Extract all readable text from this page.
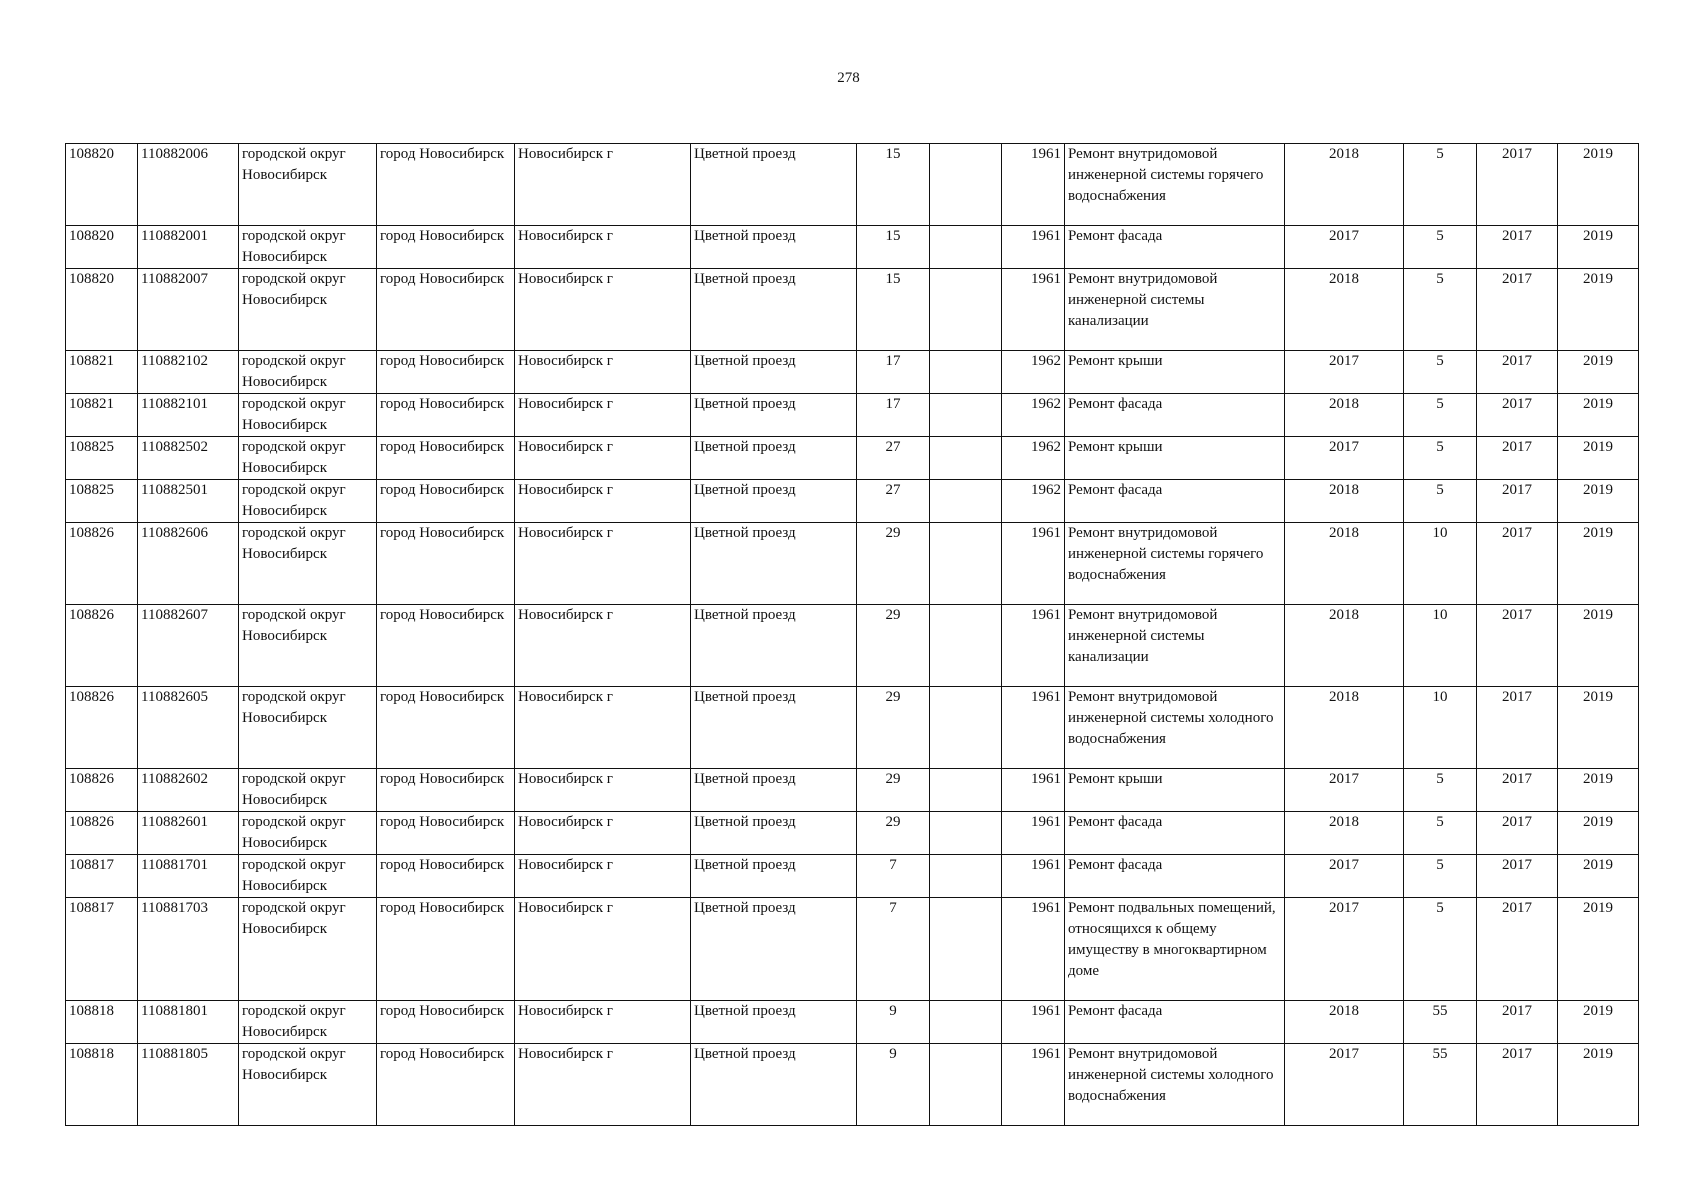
278
108820	110882006	городской округ Новосибирск	город Новосибирск	Новосибирск г	Цветной проезд	15		1961	Ремонт внутридомовой инженерной системы горячего водоснабжения	2018	5	2017	2019
108820	110882001	городской округ Новосибирск	город Новосибирск	Новосибирск г	Цветной проезд	15		1961	Ремонт фасада	2017	5	2017	2019
108820	110882007	городской округ Новосибирск	город Новосибирск	Новосибирск г	Цветной проезд	15		1961	Ремонт внутридомовой инженерной системы канализации	2018	5	2017	2019
108821	110882102	городской округ Новосибирск	город Новосибирск	Новосибирск г	Цветной проезд	17		1962	Ремонт крыши	2017	5	2017	2019
108821	110882101	городской округ Новосибирск	город Новосибирск	Новосибирск г	Цветной проезд	17		1962	Ремонт фасада	2018	5	2017	2019
108825	110882502	городской округ Новосибирск	город Новосибирск	Новосибирск г	Цветной проезд	27		1962	Ремонт крыши	2017	5	2017	2019
108825	110882501	городской округ Новосибирск	город Новосибирск	Новосибирск г	Цветной проезд	27		1962	Ремонт фасада	2018	5	2017	2019
108826	110882606	городской округ Новосибирск	город Новосибирск	Новосибирск г	Цветной проезд	29		1961	Ремонт внутридомовой инженерной системы горячего водоснабжения	2018	10	2017	2019
108826	110882607	городской округ Новосибирск	город Новосибирск	Новосибирск г	Цветной проезд	29		1961	Ремонт внутридомовой инженерной системы канализации	2018	10	2017	2019
108826	110882605	городской округ Новосибирск	город Новосибирск	Новосибирск г	Цветной проезд	29		1961	Ремонт внутридомовой инженерной системы холодного водоснабжения	2018	10	2017	2019
108826	110882602	городской округ Новосибирск	город Новосибирск	Новосибирск г	Цветной проезд	29		1961	Ремонт крыши	2017	5	2017	2019
108826	110882601	городской округ Новосибирск	город Новосибирск	Новосибирск г	Цветной проезд	29		1961	Ремонт фасада	2018	5	2017	2019
108817	110881701	городской округ Новосибирск	город Новосибирск	Новосибирск г	Цветной проезд	7		1961	Ремонт фасада	2017	5	2017	2019
108817	110881703	городской округ Новосибирск	город Новосибирск	Новосибирск г	Цветной проезд	7		1961	Ремонт подвальных помещений, относящихся к общему имуществу в многоквартирном доме	2017	5	2017	2019
108818	110881801	городской округ Новосибирск	город Новосибирск	Новосибирск г	Цветной проезд	9		1961	Ремонт фасада	2018	55	2017	2019
108818	110881805	городской округ Новосибирск	город Новосибирск	Новосибирск г	Цветной проезд	9		1961	Ремонт внутридомовой инженерной системы холодного водоснабжения	2017	55	2017	2019
